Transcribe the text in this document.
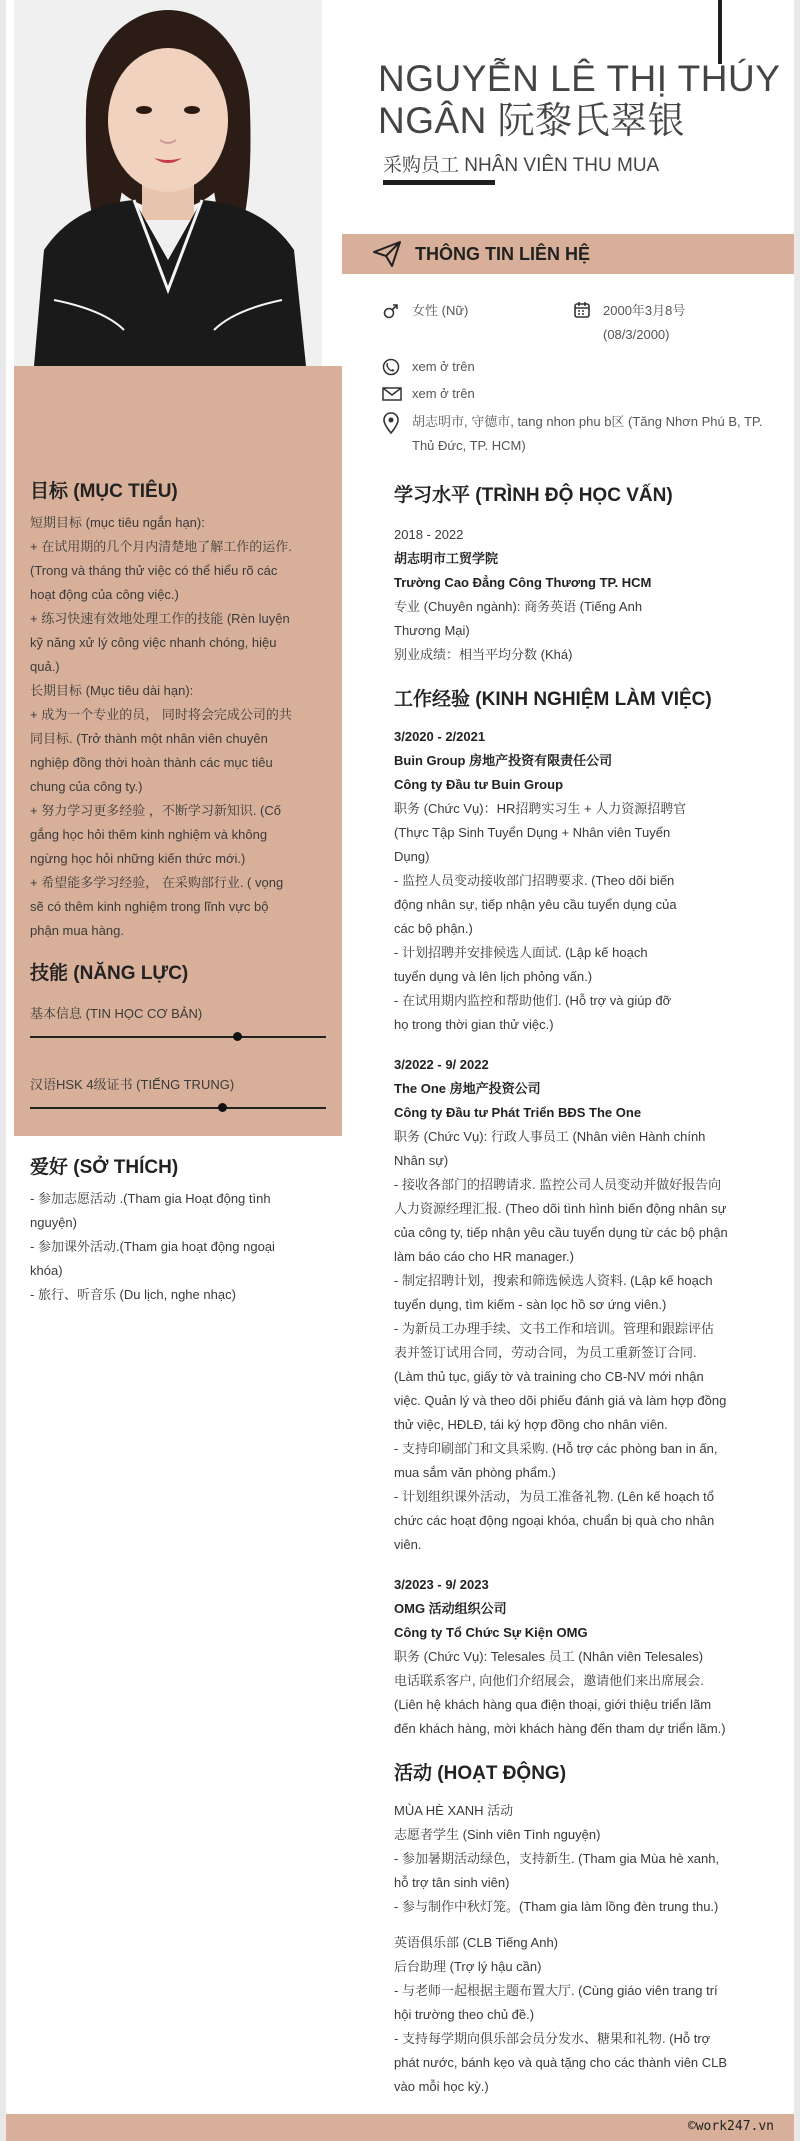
目标 (MỤC TIÊU)
短期目标 (mục tiêu ngắn hạn):
+ 在试用期的几个月内清楚地了解工作的运作.
(Trong và tháng thử việc có thể hiểu rõ các
hoạt động của công việc.)
+ 练习快速有效地处理工作的技能 (Rèn luyện
kỹ năng xử lý công việc nhanh chóng, hiệu
quả.)
长期目标 (Mục tiêu dài hạn):
+ 成为一个专业的员， 同时将会完成公司的共
同目标. (Trở thành một nhân viên chuyên
nghiệp đồng thời hoàn thành các mục tiêu
chung của công ty.)
+ 努力学习更多经验 ，不断学习新知识. (Cố
gắng học hỏi thêm kinh nghiệm và không
ngừng học hỏi những kiến thức mới.)
+ 希望能多学习经验， 在采购部行业. ( vọng
sẽ có thêm kinh nghiệm trong lĩnh vực bộ
phận mua hàng.
技能 (NĂNG LỰC)
基本信息 (TIN HỌC CƠ BẢN)
汉语HSK 4级证书 (TIẾNG TRUNG)
爱好 (SỞ THÍCH)
- 参加志愿活动 .(Tham gia Hoạt động tình
nguyện)
- 参加课外活动.(Tham gia hoạt động ngoại
khóa)
- 旅行、听音乐 (Du lịch, nghe nhạc)
NGUYỄN LÊ THỊ THÚY
NGÂN 阮黎氏翠银
采购员工 NHÂN VIÊN THU MUA
THÔNG TIN LIÊN HỆ
女性 (Nữ)	2000年3月8号
(08/3/2000)
xem ở trên
xem ở trên
胡志明市, 守德市, tang nhon phu b区 (Tăng Nhơn Phú B, TP.
Thủ Đức, TP. HCM)
学习水平 (TRÌNH ĐỘ HỌC VẤN)
2018 - 2022
胡志明市工贸学院
Trường Cao Đẳng Công Thương TP. HCM
专业 (Chuyên ngành): 商务英语 (Tiếng Anh
Thương Mại)
别业成绩：相当平均分数 (Khá)
工作经验 (KINH NGHIỆM LÀM VIỆC)
3/2020 - 2/2021
Buin Group 房地产投资有限责任公司
Công ty Đầu tư Buin Group
职务 (Chức Vụ)：HR招聘实习生 + 人力资源招聘官
(Thực Tập Sinh Tuyển Dụng + Nhân viên Tuyển
Dụng)
- 监控人员变动接收部门招聘要求. (Theo dõi biến
động nhân sự, tiếp nhận yêu cầu tuyển dụng của
các bộ phận.)
- 计划招聘并安排候选人面试. (Lập kế hoạch
tuyển dụng và lên lịch phỏng vấn.)
- 在试用期内监控和帮助他们. (Hỗ trợ và giúp đỡ
họ trong thời gian thử việc.)
3/2022 - 9/ 2022
The One 房地产投资公司
Công ty Đầu tư Phát Triển BĐS The One
职务 (Chức Vụ): 行政人事员工 (Nhân viên Hành chính
Nhân sự)
- 接收各部门的招聘请求. 监控公司人员变动并做好报告向
人力资源经理汇报. (Theo dõi tình hình biến động nhân sự
của công ty, tiếp nhận yêu cầu tuyển dụng từ các bộ phận
làm báo cáo cho HR manager.)
- 制定招聘计划，搜索和筛选候选人资料. (Lập kế hoạch
tuyển dụng, tìm kiếm - sàn lọc hồ sơ ứng viên.)
- 为新员工办理手续、文书工作和培训。管理和跟踪评估
表并签订试用合同，劳动合同，为员工重新签订合同.
(Làm thủ tục, giấy tờ và training cho CB-NV mới nhận
việc. Quản lý và theo dõi phiếu đánh giá và làm hợp đồng
thử việc, HĐLĐ, tái ký hợp đồng cho nhân viên.
- 支持印刷部门和文具采购. (Hỗ trợ các phòng ban in ấn,
mua sắm văn phòng phẩm.)
- 计划组织课外活动，为员工准备礼物. (Lên kế hoạch tổ
chức các hoạt động ngoại khóa, chuẩn bị quà cho nhân
viên.
3/2023 - 9/ 2023
OMG 活动组织公司
Công ty Tổ Chức Sự Kiện OMG
职务 (Chức Vụ): Telesales 员工 (Nhân viên Telesales)
电话联系客户, 向他们介绍展会，邀请他们来出席展会.
(Liên hệ khách hàng qua điện thoại, giới thiệu triển lãm
đến khách hàng, mời khách hàng đến tham dự triển lãm.)
活动 (HOẠT ĐỘNG)
MÙA HÈ XANH 活动
志愿者学生 (Sinh viên Tình nguyện)
- 参加暑期活动绿色，支持新生. (Tham gia Mùa hè xanh,
hỗ trợ tân sinh viên)
- 参与制作中秋灯笼。(Tham gia làm lồng đèn trung thu.)
英语俱乐部 (CLB Tiếng Anh)
后台助理 (Trợ lý hậu cần)
- 与老师一起根据主题布置大厅. (Cùng giáo viên trang trí
hội trường theo chủ đề.)
- 支持每学期向俱乐部会员分发水、糖果和礼物. (Hỗ trợ
phát nước, bánh kẹo và quà tặng cho các thành viên CLB
vào mỗi học kỳ.)
©work247.vn
